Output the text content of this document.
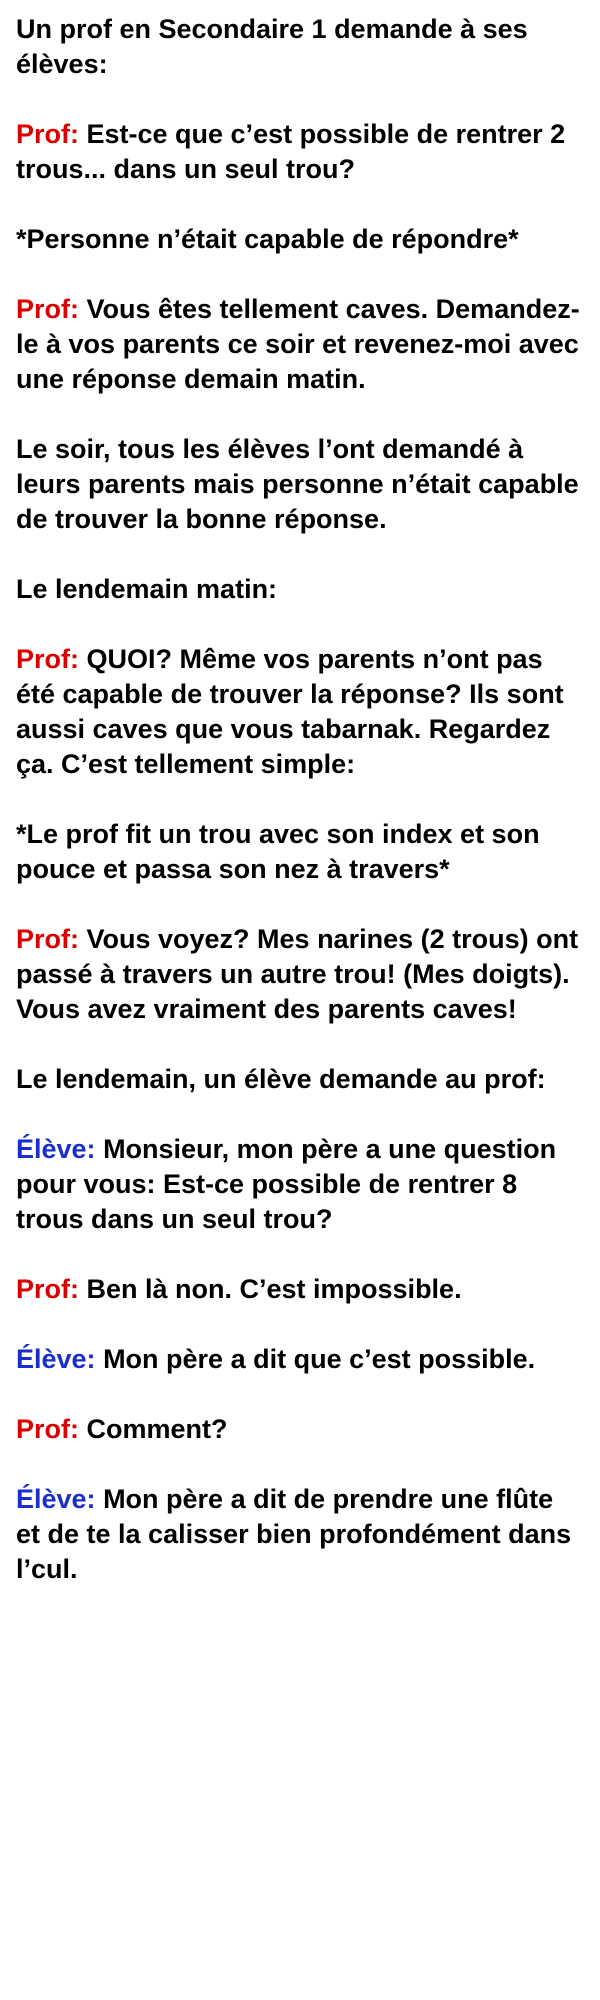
Un prof en Secondaire 1 demande à ses élèves:

Prof: Est-ce que c’est possible de rentrer 2 trous... dans un seul trou?

*Personne n’était capable de répondre*

Prof: Vous êtes tellement caves. Demandez-le à vos parents ce soir et revenez-moi avec une réponse demain matin.

Le soir, tous les élèves l’ont demandé à leurs parents mais personne n’était capable de trouver la bonne réponse.

Le lendemain matin:

Prof: QUOI? Même vos parents n’ont pas été capable de trouver la réponse? Ils sont aussi caves que vous tabarnak. Regardez ça. C’est tellement simple:

*Le prof fit un trou avec son index et son pouce et passa son nez à travers*

Prof: Vous voyez? Mes narines (2 trous) ont passé à travers un autre trou! (Mes doigts). Vous avez vraiment des parents caves!

Le lendemain, un élève demande au prof:

Élève: Monsieur, mon père a une question pour vous: Est-ce possible de rentrer 8 trous dans un seul trou?

Prof: Ben là non. C’est impossible.

Élève: Mon père a dit que c’est possible.

Prof: Comment?

Élève: Mon père a dit de prendre une flûte et de te la calisser bien profondément dans l’cul.
